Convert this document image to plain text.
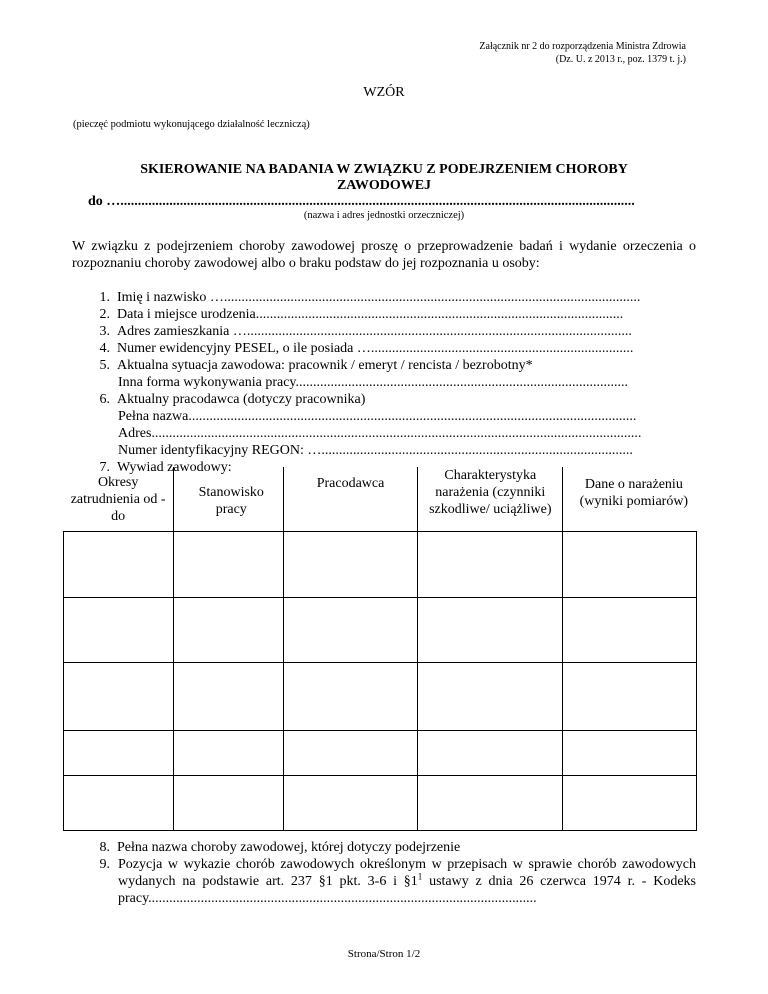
Załącznik nr 2 do rozporządzenia Ministra Zdrowia
(Dz. U. z 2013 r., poz. 1379 t. j.)
WZÓR
(pieczęć podmiotu wykonującego działalność leczniczą)
SKIEROWANIE NA BADANIA W ZWIĄZKU Z PODEJRZENIEM CHOROBY
ZAWODOWEJ
do …...................................................................................................................................................
(nazwa i adres jednostki orzeczniczej)
W związku z podejrzeniem choroby zawodowej proszę o przeprowadzenie badań i wydanie orzeczenia o rozpoznaniu choroby zawodowej albo o braku podstaw do jej rozpoznania u osoby:
1. Imię i nazwisko ….......................................................................................................................
2. Data i miejsce urodzenia.........................................................................................................
3. Adres zamieszkania …..............................................................................................................
4. Numer ewidencyjny PESEL, o ile posiada …...........................................................................
5. Aktualna sytuacja zawodowa: pracownik / emeryt / rencista / bezrobotny*
Inna forma wykonywania pracy...............................................................................................
6. Aktualny pracodawca (dotyczy pracownika)
Pełna nazwa................................................................................................................................
Adres............................................................................................................................................
Numer identyfikacyjny REGON: ….........................................................................................
7. Wywiad zawodowy:
Okresy zatrudnienia od - do	Stanowisko pracy	Pracodawca	Charakterystyka narażenia (czynniki szkodliwe/ uciążliwe)	Dane o narażeniu (wyniki pomiarów)

8. Pełna nazwa choroby zawodowej, której dotyczy podejrzenie
9. Pozycja w wykazie chorób zawodowych określonym w przepisach w sprawie chorób zawodowych wydanych na podstawie art. 237 §1 pkt. 3-6 i $\S 1^1$ ustawy z dnia 26 czerwca 1974 r. - Kodeks pracy...............................................................................................................
Strona/Stron 1/2
